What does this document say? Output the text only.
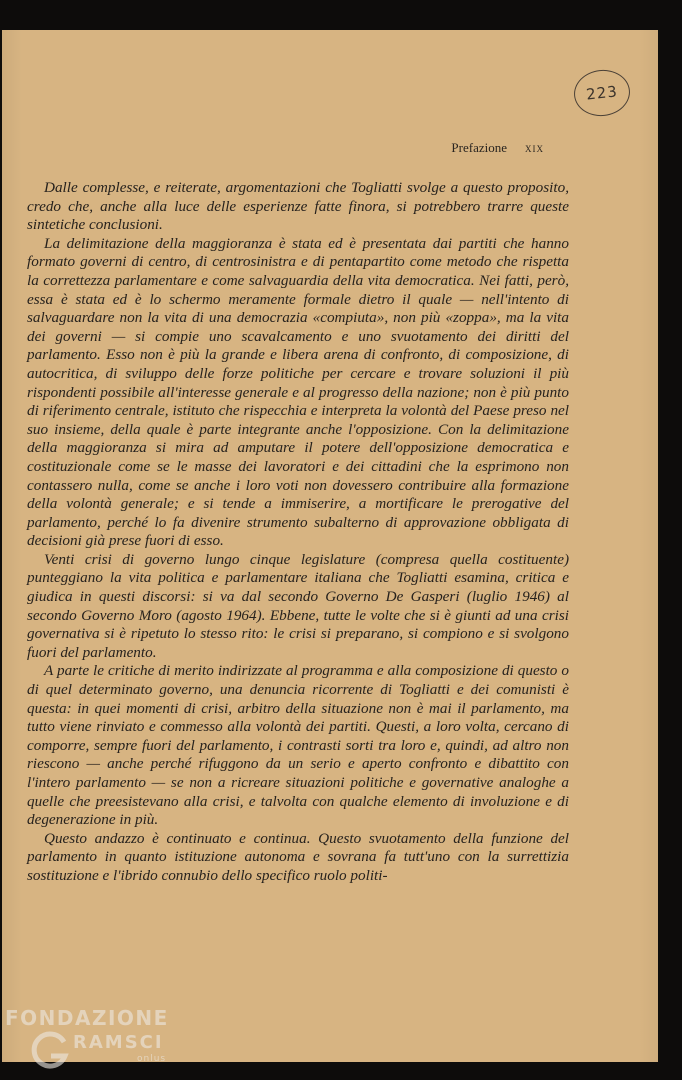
223
Prefazione xix

Dalle complesse, e reiterate, argomentazioni che Togliatti svolge a questo proposito, credo che, anche alla luce delle esperienze fatte finora, si potrebbero trarre queste sintetiche conclusioni.

La delimitazione della maggioranza è stata ed è presentata dai partiti che hanno formato governi di centro, di centrosinistra e di pentapartito come metodo che rispetta la correttezza parlamentare e come salvaguardia della vita democratica. Nei fatti, però, essa è stata ed è lo schermo meramente formale dietro il quale — nell'intento di salvaguardare non la vita di una democrazia «compiuta», non più «zoppa», ma la vita dei governi — si compie uno scavalcamento e uno svuotamento dei diritti del parlamento. Esso non è più la grande e libera arena di confronto, di composizione, di autocritica, di sviluppo delle forze politiche per cercare e trovare soluzioni il più rispondenti possibile all'interesse generale e al progresso della nazione; non è più punto di riferimento centrale, istituto che rispecchia e interpreta la volontà del Paese preso nel suo insieme, della quale è parte integrante anche l'opposizione. Con la delimitazione della maggioranza si mira ad amputare il potere dell'opposizione democratica e costituzionale come se le masse dei lavoratori e dei cittadini che la esprimono non contassero nulla, come se anche i loro voti non dovessero contribuire alla formazione della volontà generale; e si tende a immiserire, a mortificare le prerogative del parlamento, perché lo fa divenire strumento subalterno di approvazione obbligata di decisioni già prese fuori di esso.

Venti crisi di governo lungo cinque legislature (compresa quella costituente) punteggiano la vita politica e parlamentare italiana che Togliatti esamina, critica e giudica in questi discorsi: si va dal secondo Governo De Gasperi (luglio 1946) al secondo Governo Moro (agosto 1964). Ebbene, tutte le volte che si è giunti ad una crisi governativa si è ripetuto lo stesso rito: le crisi si preparano, si compiono e si svolgono fuori del parlamento.

A parte le critiche di merito indirizzate al programma e alla composizione di questo o di quel determinato governo, una denuncia ricorrente di Togliatti e dei comunisti è questa: in quei momenti di crisi, arbitro della situazione non è mai il parlamento, ma tutto viene rinviato e commesso alla volontà dei partiti. Questi, a loro volta, cercano di comporre, sempre fuori del parlamento, i contrasti sorti tra loro e, quindi, ad altro non riescono — anche perché rifuggono da un serio e aperto confronto e dibattito con l'intero parlamento — se non a ricreare situazioni politiche e governative analoghe a quelle che preesistevano alla crisi, e talvolta con qualche elemento di involuzione e di degenerazione in più.

Questo andazzo è continuato e continua. Questo svuotamento della funzione del parlamento in quanto istituzione autonoma e sovrana fa tutt'uno con la surrettizia sostituzione e l'ibrido connubio dello specifico ruolo politi-

FONDAZIONE
RAMSCI
onlus
